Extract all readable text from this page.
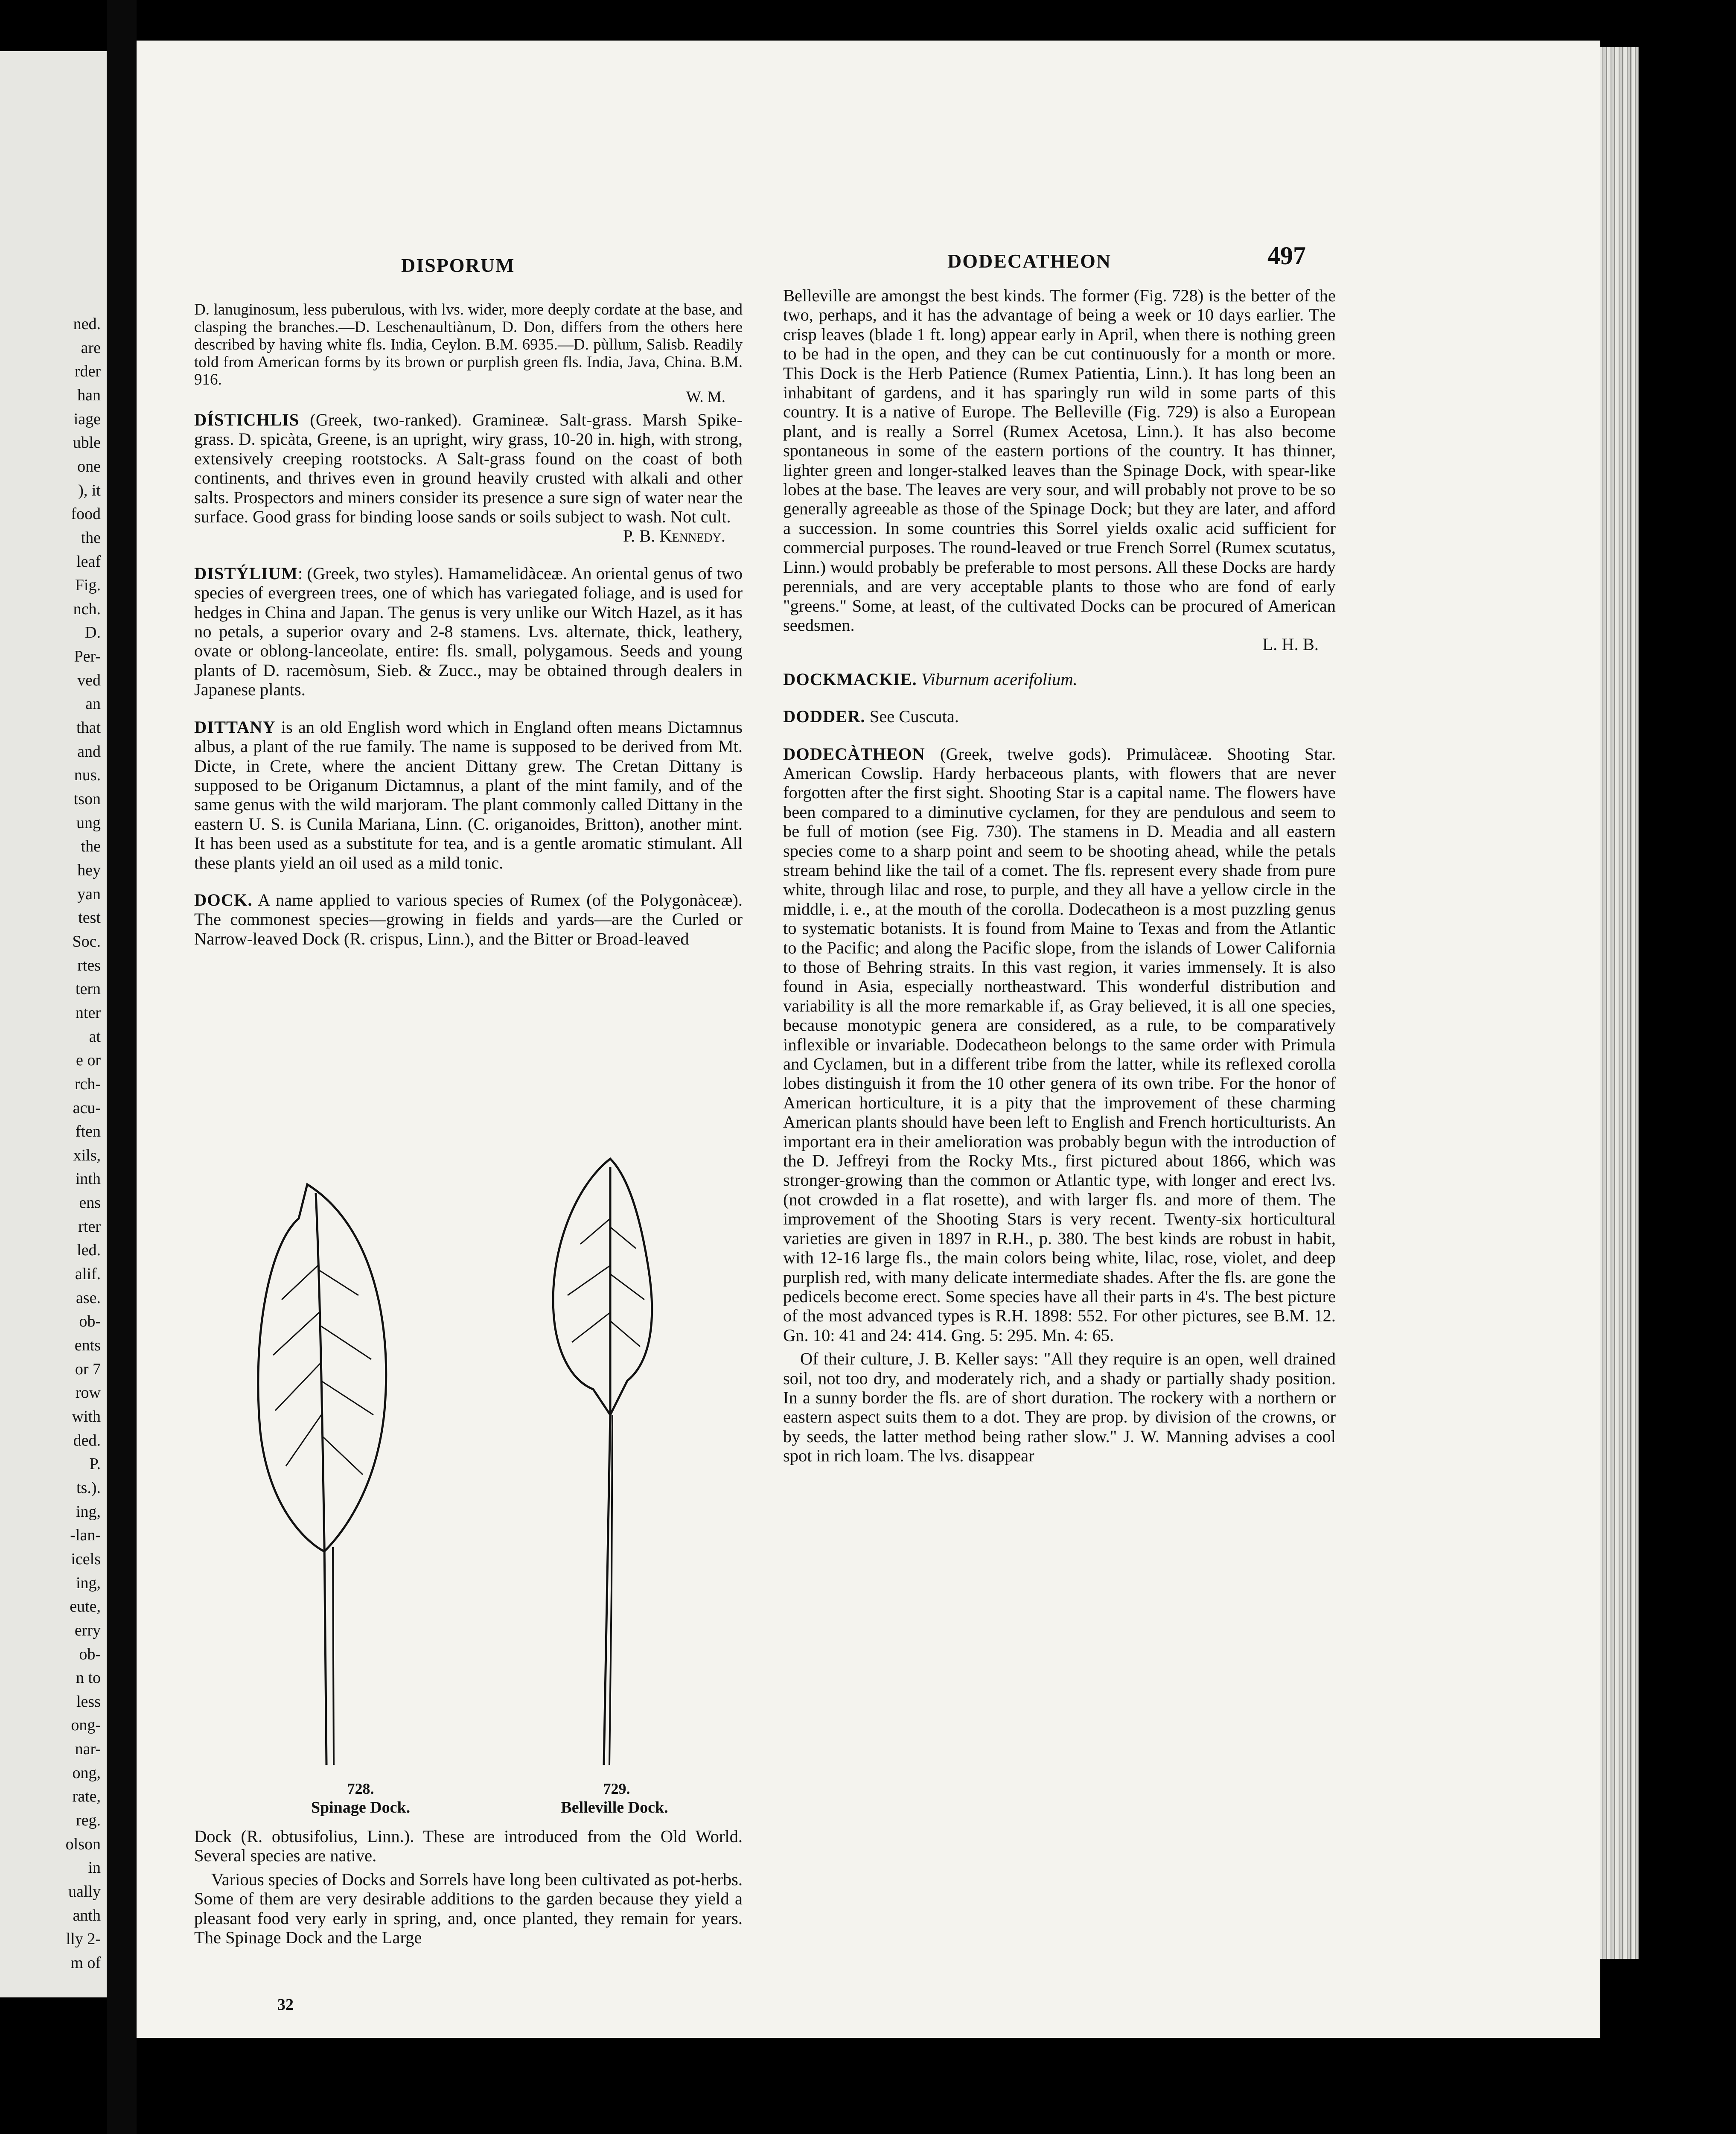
ned.
are
rder
han
iage
uble
one
), it
food
the
leaf
Fig.
nch.
D.
Per-
ved
an
that
and
nus.
tson
ung
the
hey
yan
test
Soc.
rtes
tern
nter
at
e or
rch-
acu-
ften
xils,
inth
ens
rter
led.
alif.
ase.
ob-
ents
or 7
row
with
ded.
P.
ts.).
ing,
-lan-
icels
ing,
eute,
erry
ob-
n to
less
ong-
nar-
ong,
rate,
reg.
olson
in
ually
anth
lly 2-
m of
DISPORUM	DODECATHEON	497

D. lanuginosum, less puberulous, with lvs. wider, more deeply cordate at the base, and clasping the branches.—D. Leschenaultiànum, D. Don, differs from the others here described by having white fls. India, Ceylon. B.M. 6935.—D. pùllum, Salisb. Readily told from American forms by its brown or purplish green fls. India, Java, China. B.M. 916.
W. M.

DÍSTICHLIS (Greek, two-ranked). Gramineæ. Salt-grass. Marsh Spike-grass. D. spicàta, Greene, is an upright, wiry grass, 10-20 in. high, with strong, extensively creeping rootstocks. A Salt-grass found on the coast of both continents, and thrives even in ground heavily crusted with alkali and other salts. Prospectors and miners consider its presence a sure sign of water near the surface. Good grass for binding loose sands or soils subject to wash. Not cult.
P. B. Kennedy.

DISTÝLIUM: (Greek, two styles). Hamamelidàceæ. An oriental genus of two species of evergreen trees, one of which has variegated foliage, and is used for hedges in China and Japan. The genus is very unlike our Witch Hazel, as it has no petals, a superior ovary and 2-8 stamens. Lvs. alternate, thick, leathery, ovate or oblong-lanceolate, entire: fls. small, polygamous. Seeds and young plants of D. racemòsum, Sieb. & Zucc., may be obtained through dealers in Japanese plants.

DITTANY is an old English word which in England often means Dictamnus albus, a plant of the rue family. The name is supposed to be derived from Mt. Dicte, in Crete, where the ancient Dittany grew. The Cretan Dittany is supposed to be Origanum Dictamnus, a plant of the mint family, and of the same genus with the wild marjoram. The plant commonly called Dittany in the eastern U. S. is Cunila Mariana, Linn. (C. origanoides, Britton), another mint. It has been used as a substitute for tea, and is a gentle aromatic stimulant. All these plants yield an oil used as a mild tonic.

DOCK. A name applied to various species of Rumex (of the Polygonàceæ). The commonest species—growing in fields and yards—are the Curled or Narrow-leaved Dock (R. crispus, Linn.), and the Bitter or Broad-leaved

728.
Spinage Dock.
729.
Belleville Dock.

Dock (R. obtusifolius, Linn.). These are introduced from the Old World. Several species are native.

Various species of Docks and Sorrels have long been cultivated as pot-herbs. Some of them are very desirable additions to the garden because they yield a pleasant food very early in spring, and, once planted, they remain for years. The Spinage Dock and the Large

32

Belleville are amongst the best kinds. The former (Fig. 728) is the better of the two, perhaps, and it has the advantage of being a week or 10 days earlier. The crisp leaves (blade 1 ft. long) appear early in April, when there is nothing green to be had in the open, and they can be cut continuously for a month or more. This Dock is the Herb Patience (Rumex Patientia, Linn.). It has long been an inhabitant of gardens, and it has sparingly run wild in some parts of this country. It is a native of Europe. The Belleville (Fig. 729) is also a European plant, and is really a Sorrel (Rumex Acetosa, Linn.). It has also become spontaneous in some of the eastern portions of the country. It has thinner, lighter green and longer-stalked leaves than the Spinage Dock, with spear-like lobes at the base. The leaves are very sour, and will probably not prove to be so generally agreeable as those of the Spinage Dock; but they are later, and afford a succession. In some countries this Sorrel yields oxalic acid sufficient for commercial purposes. The round-leaved or true French Sorrel (Rumex scutatus, Linn.) would probably be preferable to most persons. All these Docks are hardy perennials, and are very acceptable plants to those who are fond of early "greens." Some, at least, of the cultivated Docks can be procured of American seedsmen.
L. H. B.

DOCKMACKIE. Viburnum acerifolium.

DODDER. See Cuscuta.

DODECÀTHEON (Greek, twelve gods). Primulàceæ. Shooting Star. American Cowslip. Hardy herbaceous plants, with flowers that are never forgotten after the first sight. Shooting Star is a capital name. The flowers have been compared to a diminutive cyclamen, for they are pendulous and seem to be full of motion (see Fig. 730). The stamens in D. Meadia and all eastern species come to a sharp point and seem to be shooting ahead, while the petals stream behind like the tail of a comet. The fls. represent every shade from pure white, through lilac and rose, to purple, and they all have a yellow circle in the middle, i. e., at the mouth of the corolla. Dodecatheon is a most puzzling genus to systematic botanists. It is found from Maine to Texas and from the Atlantic to the Pacific; and along the Pacific slope, from the islands of Lower California to those of Behring straits. In this vast region, it varies immensely. It is also found in Asia, especially northeastward. This wonderful distribution and variability is all the more remarkable if, as Gray believed, it is all one species, because monotypic genera are considered, as a rule, to be comparatively inflexible or invariable. Dodecatheon belongs to the same order with Primula and Cyclamen, but in a different tribe from the latter, while its reflexed corolla lobes distinguish it from the 10 other genera of its own tribe. For the honor of American horticulture, it is a pity that the improvement of these charming American plants should have been left to English and French horticulturists. An important era in their amelioration was probably begun with the introduction of the D. Jeffreyi from the Rocky Mts., first pictured about 1866, which was stronger-growing than the common or Atlantic type, with longer and erect lvs. (not crowded in a flat rosette), and with larger fls. and more of them. The improvement of the Shooting Stars is very recent. Twenty-six horticultural varieties are given in 1897 in R.H., p. 380. The best kinds are robust in habit, with 12-16 large fls., the main colors being white, lilac, rose, violet, and deep purplish red, with many delicate intermediate shades. After the fls. are gone the pedicels become erect. Some species have all their parts in 4's. The best picture of the most advanced types is R.H. 1898: 552. For other pictures, see B.M. 12. Gn. 10: 41 and 24: 414. Gng. 5: 295. Mn. 4: 65.

Of their culture, J. B. Keller says: "All they require is an open, well drained soil, not too dry, and moderately rich, and a shady or partially shady position. In a sunny border the fls. are of short duration. The rockery with a northern or eastern aspect suits them to a dot. They are prop. by division of the crowns, or by seeds, the latter method being rather slow." J. W. Manning advises a cool spot in rich loam. The lvs. disappear
